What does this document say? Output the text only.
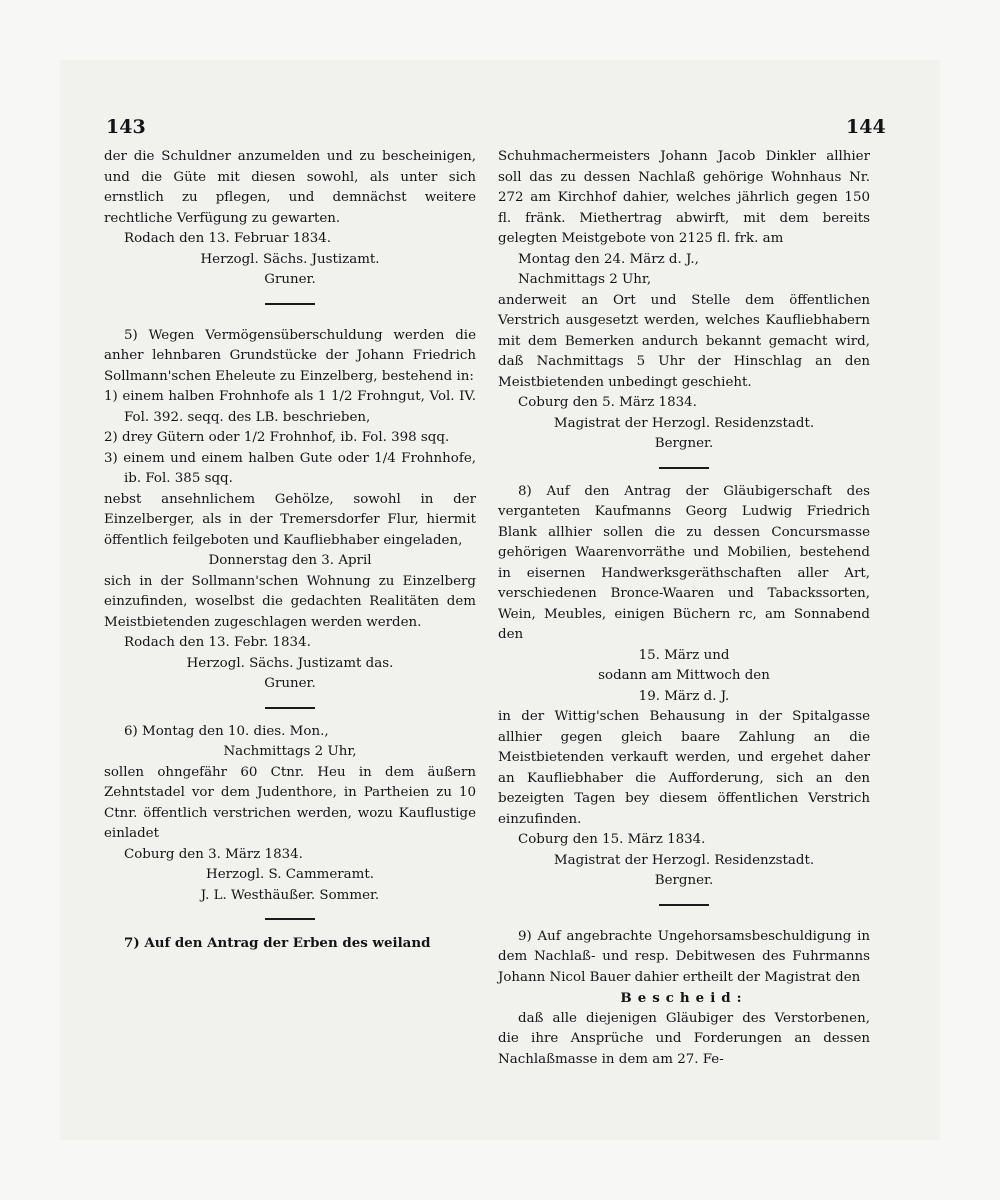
143	144

der die Schuldner anzumelden und zu bescheinigen, und die Güte mit diesen sowohl, als unter sich ernstlich zu pflegen, und demnächst weitere rechtliche Verfügung zu gewarten.

Rodach den 13. Februar 1834.

Herzogl. Sächs. Justizamt.

Gruner.

5) Wegen Vermögensüberschuldung werden die anher lehnbaren Grundstücke der Johann Friedrich Sollmann'schen Eheleute zu Einzelberg, bestehend in:

1) einem halben Frohnhofe als 1 1/2 Frohngut, Vol. IV. Fol. 392. seqq. des LB. beschrieben,

2) drey Gütern oder 1/2 Frohnhof, ib. Fol. 398 sqq.

3) einem und einem halben Gute oder 1/4 Frohnhofe, ib. Fol. 385 sqq.

nebst ansehnlichem Gehölze, sowohl in der Einzelberger, als in der Tremersdorfer Flur, hiermit öffentlich feilgeboten und Kaufliebhaber eingeladen,

Donnerstag den 3. April

sich in der Sollmann'schen Wohnung zu Einzelberg einzufinden, woselbst die gedachten Realitäten dem Meistbietenden zugeschlagen werden werden.

Rodach den 13. Febr. 1834.

Herzogl. Sächs. Justizamt das.

Gruner.

6) Montag den 10. dies. Mon.,

Nachmittags 2 Uhr,

sollen ohngefähr 60 Ctnr. Heu in dem äußern Zehntstadel vor dem Judenthore, in Partheien zu 10 Ctnr. öffentlich verstrichen werden, wozu Kauflustige einladet

Coburg den 3. März 1834.

Herzogl. S. Cammeramt.

J. L. Westhäußer. Sommer.

7) Auf den Antrag der Erben des weiland

Schuhmachermeisters Johann Jacob Dinkler allhier soll das zu dessen Nachlaß gehörige Wohnhaus Nr. 272 am Kirchhof dahier, welches jährlich gegen 150 fl. fränk. Miethertrag abwirft, mit dem bereits gelegten Meistgebote von 2125 fl. frk. am

Montag den 24. März d. J.,

Nachmittags 2 Uhr,

anderweit an Ort und Stelle dem öffentlichen Verstrich ausgesetzt werden, welches Kaufliebhabern mit dem Bemerken andurch bekannt gemacht wird, daß Nachmittags 5 Uhr der Hinschlag an den Meistbietenden unbedingt geschieht.

Coburg den 5. März 1834.

Magistrat der Herzogl. Residenzstadt.

Bergner.

8) Auf den Antrag der Gläubigerschaft des verganteten Kaufmanns Georg Ludwig Friedrich Blank allhier sollen die zu dessen Concursmasse gehörigen Waarenvorräthe und Mobilien, bestehend in eisernen Handwerksgeräthschaften aller Art, verschiedenen Bronce-Waaren und Tabackssorten, Wein, Meubles, einigen Büchern rc, am Sonnabend den

15. März und

sodann am Mittwoch den

19. März d. J.

in der Wittig'schen Behausung in der Spitalgasse allhier gegen gleich baare Zahlung an die Meistbietenden verkauft werden, und ergehet daher an Kaufliebhaber die Aufforderung, sich an den bezeigten Tagen bey diesem öffentlichen Verstrich einzufinden.

Coburg den 15. März 1834.

Magistrat der Herzogl. Residenzstadt.

Bergner.

9) Auf angebrachte Ungehorsamsbeschuldigung in dem Nachlaß- und resp. Debitwesen des Fuhrmanns Johann Nicol Bauer dahier ertheilt der Magistrat den

Bescheid:

daß alle diejenigen Gläubiger des Verstorbenen, die ihre Ansprüche und Forderungen an dessen Nachlaßmasse in dem am 27. Fe-
